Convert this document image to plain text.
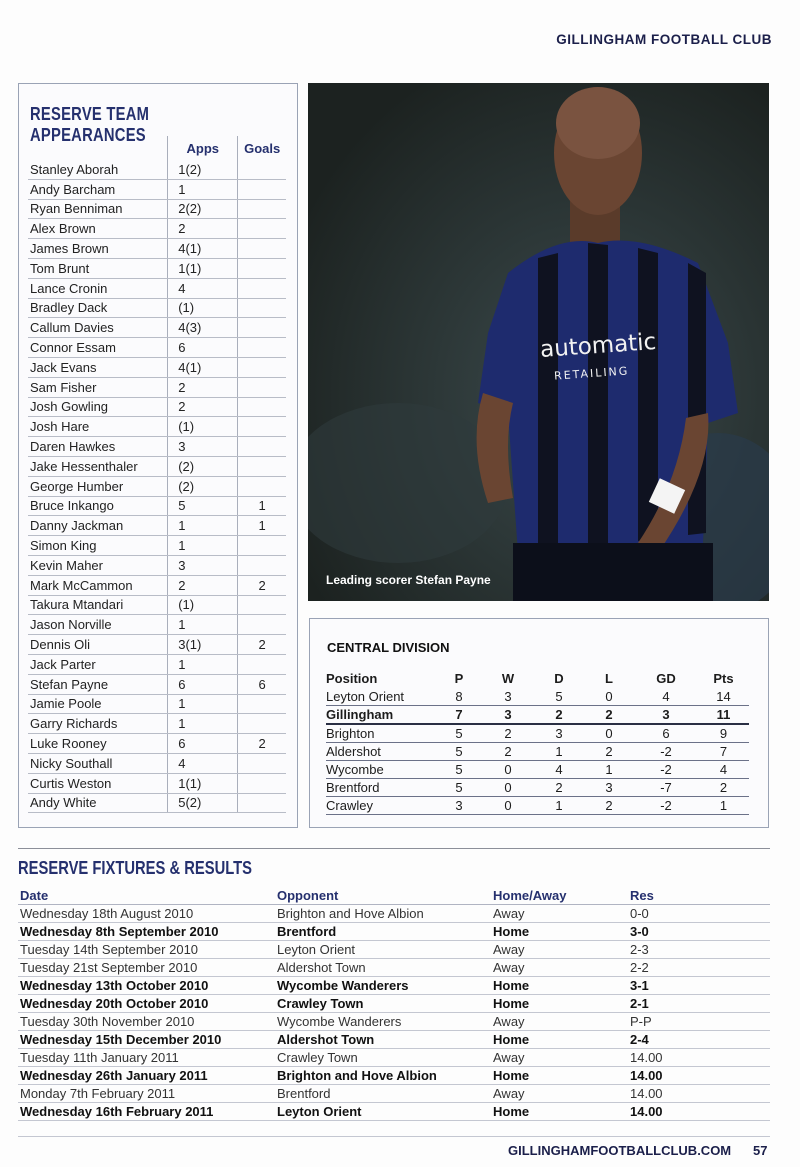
GILLINGHAM FOOTBALL CLUB
RESERVE TEAM APPEARANCES
	Apps	Goals
Stanley Aborah	1(2)	
Andy Barcham	1	
Ryan Benniman	2(2)	
Alex Brown	2	
James Brown	4(1)	
Tom Brunt	1(1)	
Lance Cronin	4	
Bradley Dack	(1)	
Callum Davies	4(3)	
Connor Essam	6	
Jack Evans	4(1)	
Sam Fisher	2	
Josh Gowling	2	
Josh Hare	(1)	
Daren Hawkes	3	
Jake Hessenthaler	(2)	
George Humber	(2)	
Bruce Inkango	5	1
Danny Jackman	1	1
Simon King	1	
Kevin Maher	3	
Mark McCammon	2	2
Takura Mtandari	(1)	
Jason Norville	1	
Dennis Oli	3(1)	2
Jack Parter	1	
Stefan Payne	6	6
Jamie Poole	1	
Garry Richards	1	
Luke Rooney	6	2
Nicky Southall	4	
Curtis Weston	1(1)	
Andy White	5(2)	
automatic
RETAILING
Leading scorer Stefan Payne
CENTRAL DIVISION
Position	P	W	D	L	GD	Pts
Leyton Orient	8	3	5	0	4	14
Gillingham	7	3	2	2	3	11
Brighton	5	2	3	0	6	9
Aldershot	5	2	1	2	-2	7
Wycombe	5	0	4	1	-2	4
Brentford	5	0	2	3	-7	2
Crawley	3	0	1	2	-2	1
RESERVE FIXTURES & RESULTS
Date	Opponent	Home/Away	Res
Wednesday 18th August 2010	Brighton and Hove Albion	Away	0-0
Wednesday 8th September 2010	Brentford	Home	3-0
Tuesday 14th September 2010	Leyton Orient	Away	2-3
Tuesday 21st September 2010	Aldershot Town	Away	2-2
Wednesday 13th October 2010	Wycombe Wanderers	Home	3-1
Wednesday 20th October 2010	Crawley Town	Home	2-1
Tuesday 30th November 2010	Wycombe Wanderers	Away	P-P
Wednesday 15th December 2010	Aldershot Town	Home	2-4
Tuesday 11th January 2011	Crawley Town	Away	14.00
Wednesday 26th January 2011	Brighton and Hove Albion	Home	14.00
Monday 7th February 2011	Brentford	Away	14.00
Wednesday 16th February 2011	Leyton Orient	Home	14.00
GILLINGHAMFOOTBALLCLUB.COM 57
